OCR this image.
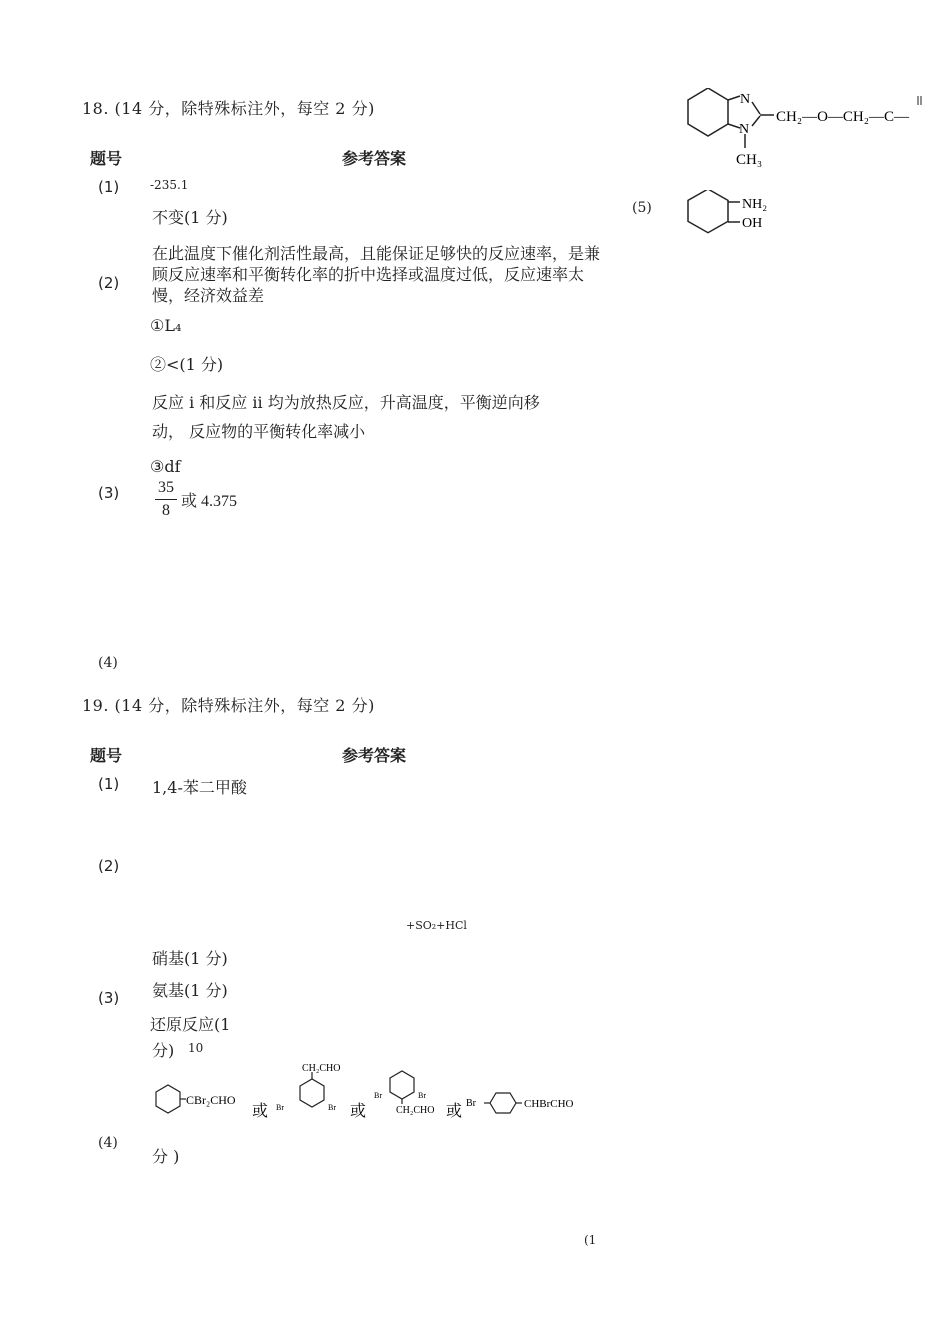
18. (14 分，除特殊标注外，每空 2 分)
题号	参考答案
(1)	-235.1
不变(1 分)
(2)
在此温度下催化剂活性最高，且能保证足够快的反应速率，是兼顾反应速率和平衡转化率的折中选择或温度过低，反应速率太慢，经济效益差
①L₄
②<(1 分)
反应 i 和反应 ii 均为放热反应，升高温度，平衡逆向移
动， 反应物的平衡转化率减小
③df
$(3) \frac{35}{8}$ 或 4.375
(4)
N
N
CH₂—O—CH₂—C—
CH₃
(5)	NH₂
OH
19. (14 分，除特殊标注外，每空 2 分)
题号	参考答案
(1) 1,4-苯二甲酸
(2)
+SO₂+HCl
硝基(1 分)
(3) 氨基(1 分)
还原反应(1
分) 10
CBr₂CHO
或
CH₂CHO
Br	Br 或
Br	Br
CH₂CHO 或 Br	CHBrCHO
(4)
分 )
(1
